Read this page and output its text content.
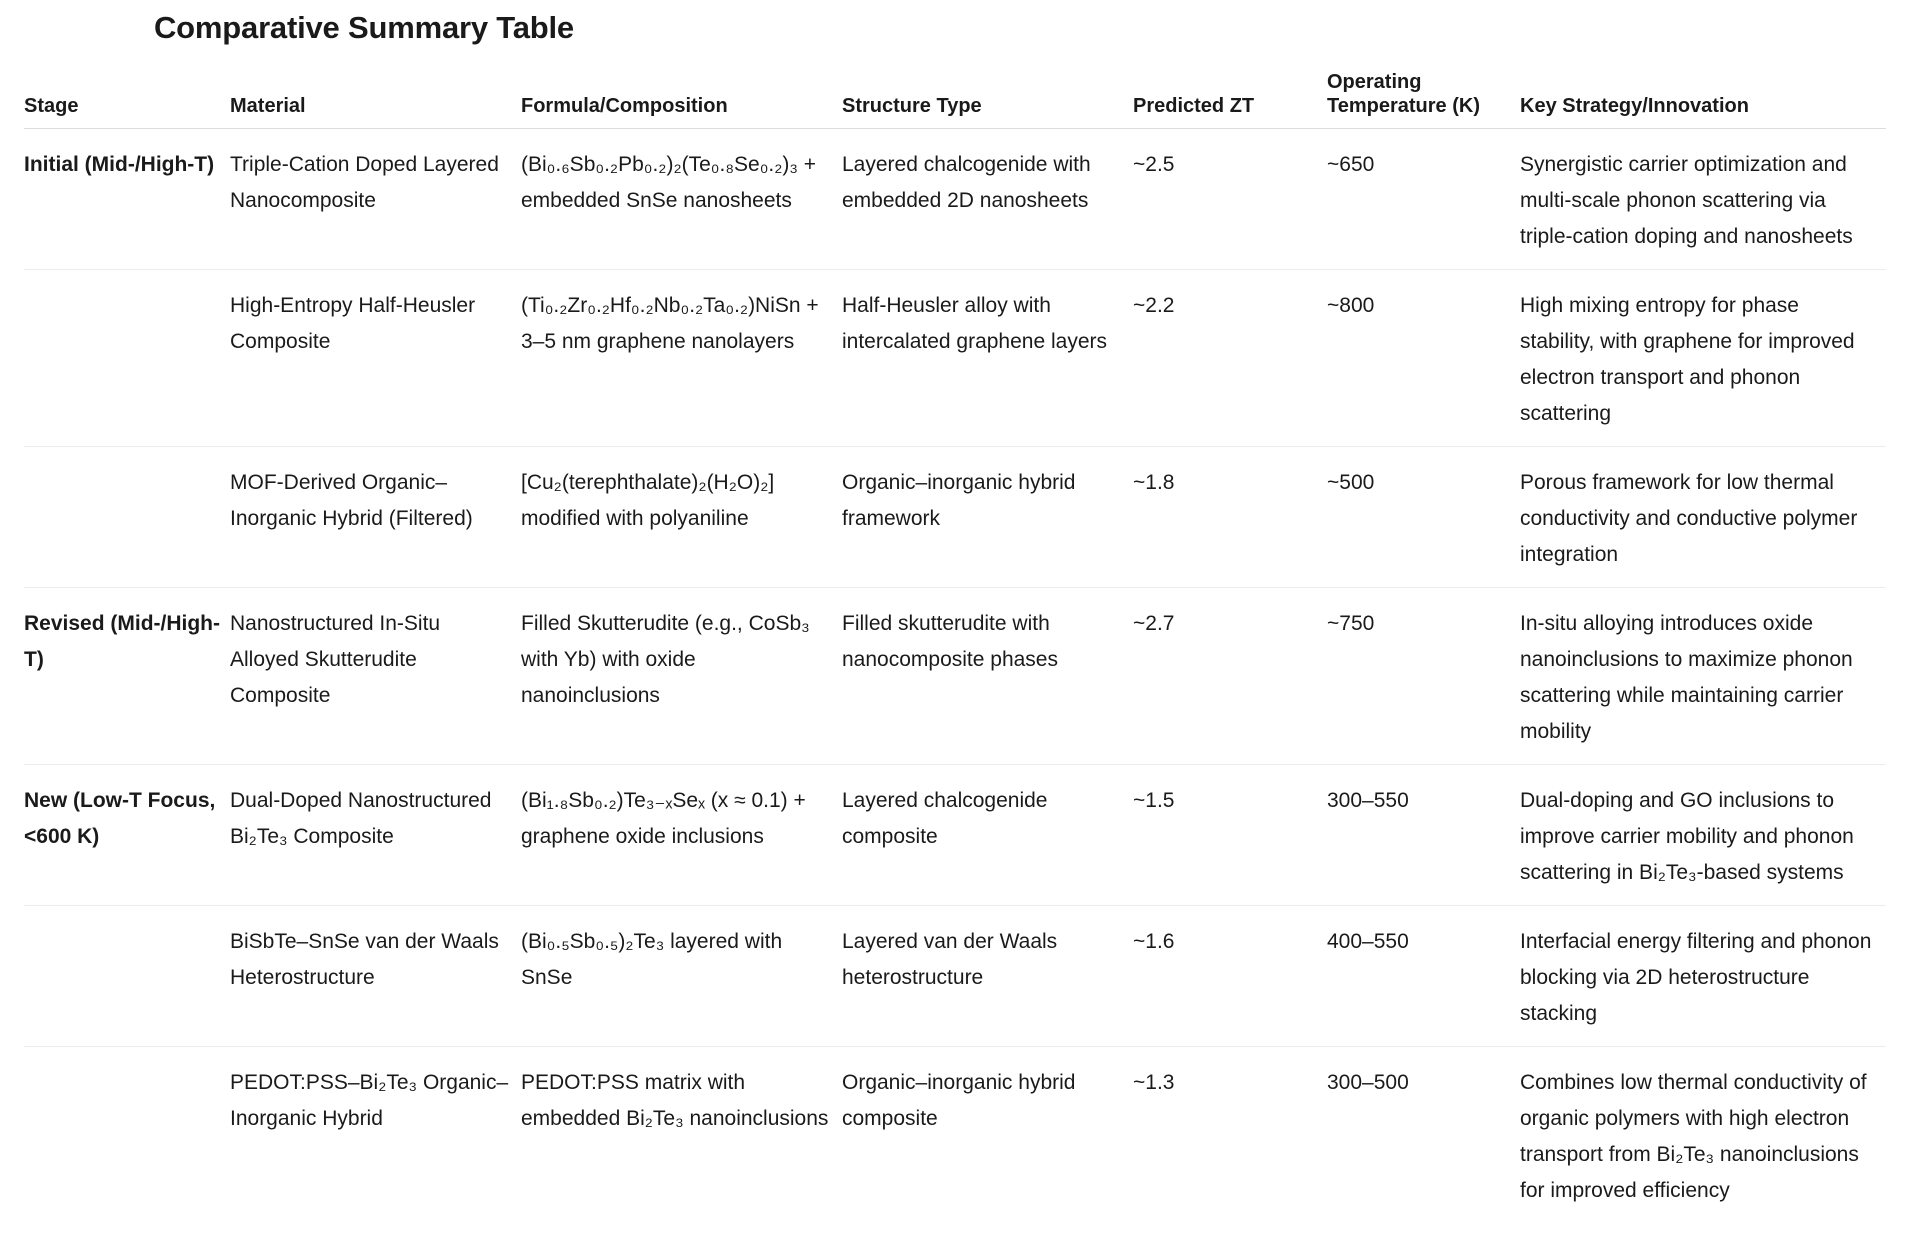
Comparative Summary Table
Stage	Material	Formula/Composition	Structure Type	Predicted ZT	Operating Temperature (K)	Key Strategy/Innovation
Initial (Mid-/High-T)	Triple-Cation Doped Layered Nanocomposite	(Bi₀.₆Sb₀.₂Pb₀.₂)₂(Te₀.₈Se₀.₂)₃ + embedded SnSe nanosheets	Layered chalcogenide with embedded 2D nanosheets	~2.5	~650	Synergistic carrier optimization and multi-scale phonon scattering via triple-cation doping and nanosheets
	High-Entropy Half-Heusler Composite	(Ti₀.₂Zr₀.₂Hf₀.₂Nb₀.₂Ta₀.₂)NiSn + 3–5 nm graphene nanolayers	Half-Heusler alloy with intercalated graphene layers	~2.2	~800	High mixing entropy for phase stability, with graphene for improved electron transport and phonon scattering
	MOF-Derived Organic–Inorganic Hybrid (Filtered)	[Cu₂(terephthalate)₂(H₂O)₂] modified with polyaniline	Organic–inorganic hybrid framework	~1.8	~500	Porous framework for low thermal conductivity and conductive polymer integration
Revised (Mid-/High-T)	Nanostructured In-Situ Alloyed Skutterudite Composite	Filled Skutterudite (e.g., CoSb₃ with Yb) with oxide nanoinclusions	Filled skutterudite with nanocomposite phases	~2.7	~750	In-situ alloying introduces oxide nanoinclusions to maximize phonon scattering while maintaining carrier mobility
New (Low-T Focus, <600 K)	Dual-Doped Nanostructured Bi₂Te₃ Composite	(Bi₁.₈Sb₀.₂)Te₃₋ₓSeₓ (x ≈ 0.1) + graphene oxide inclusions	Layered chalcogenide composite	~1.5	300–550	Dual-doping and GO inclusions to improve carrier mobility and phonon scattering in Bi₂Te₃-based systems
	BiSbTe–SnSe van der Waals Heterostructure	(Bi₀.₅Sb₀.₅)₂Te₃ layered with SnSe	Layered van der Waals heterostructure	~1.6	400–550	Interfacial energy filtering and phonon blocking via 2D heterostructure stacking
	PEDOT:PSS–Bi₂Te₃ Organic–Inorganic Hybrid	PEDOT:PSS matrix with embedded Bi₂Te₃ nanoinclusions	Organic–inorganic hybrid composite	~1.3	300–500	Combines low thermal conductivity of organic polymers with high electron transport from Bi₂Te₃ nanoinclusions for improved efficiency
